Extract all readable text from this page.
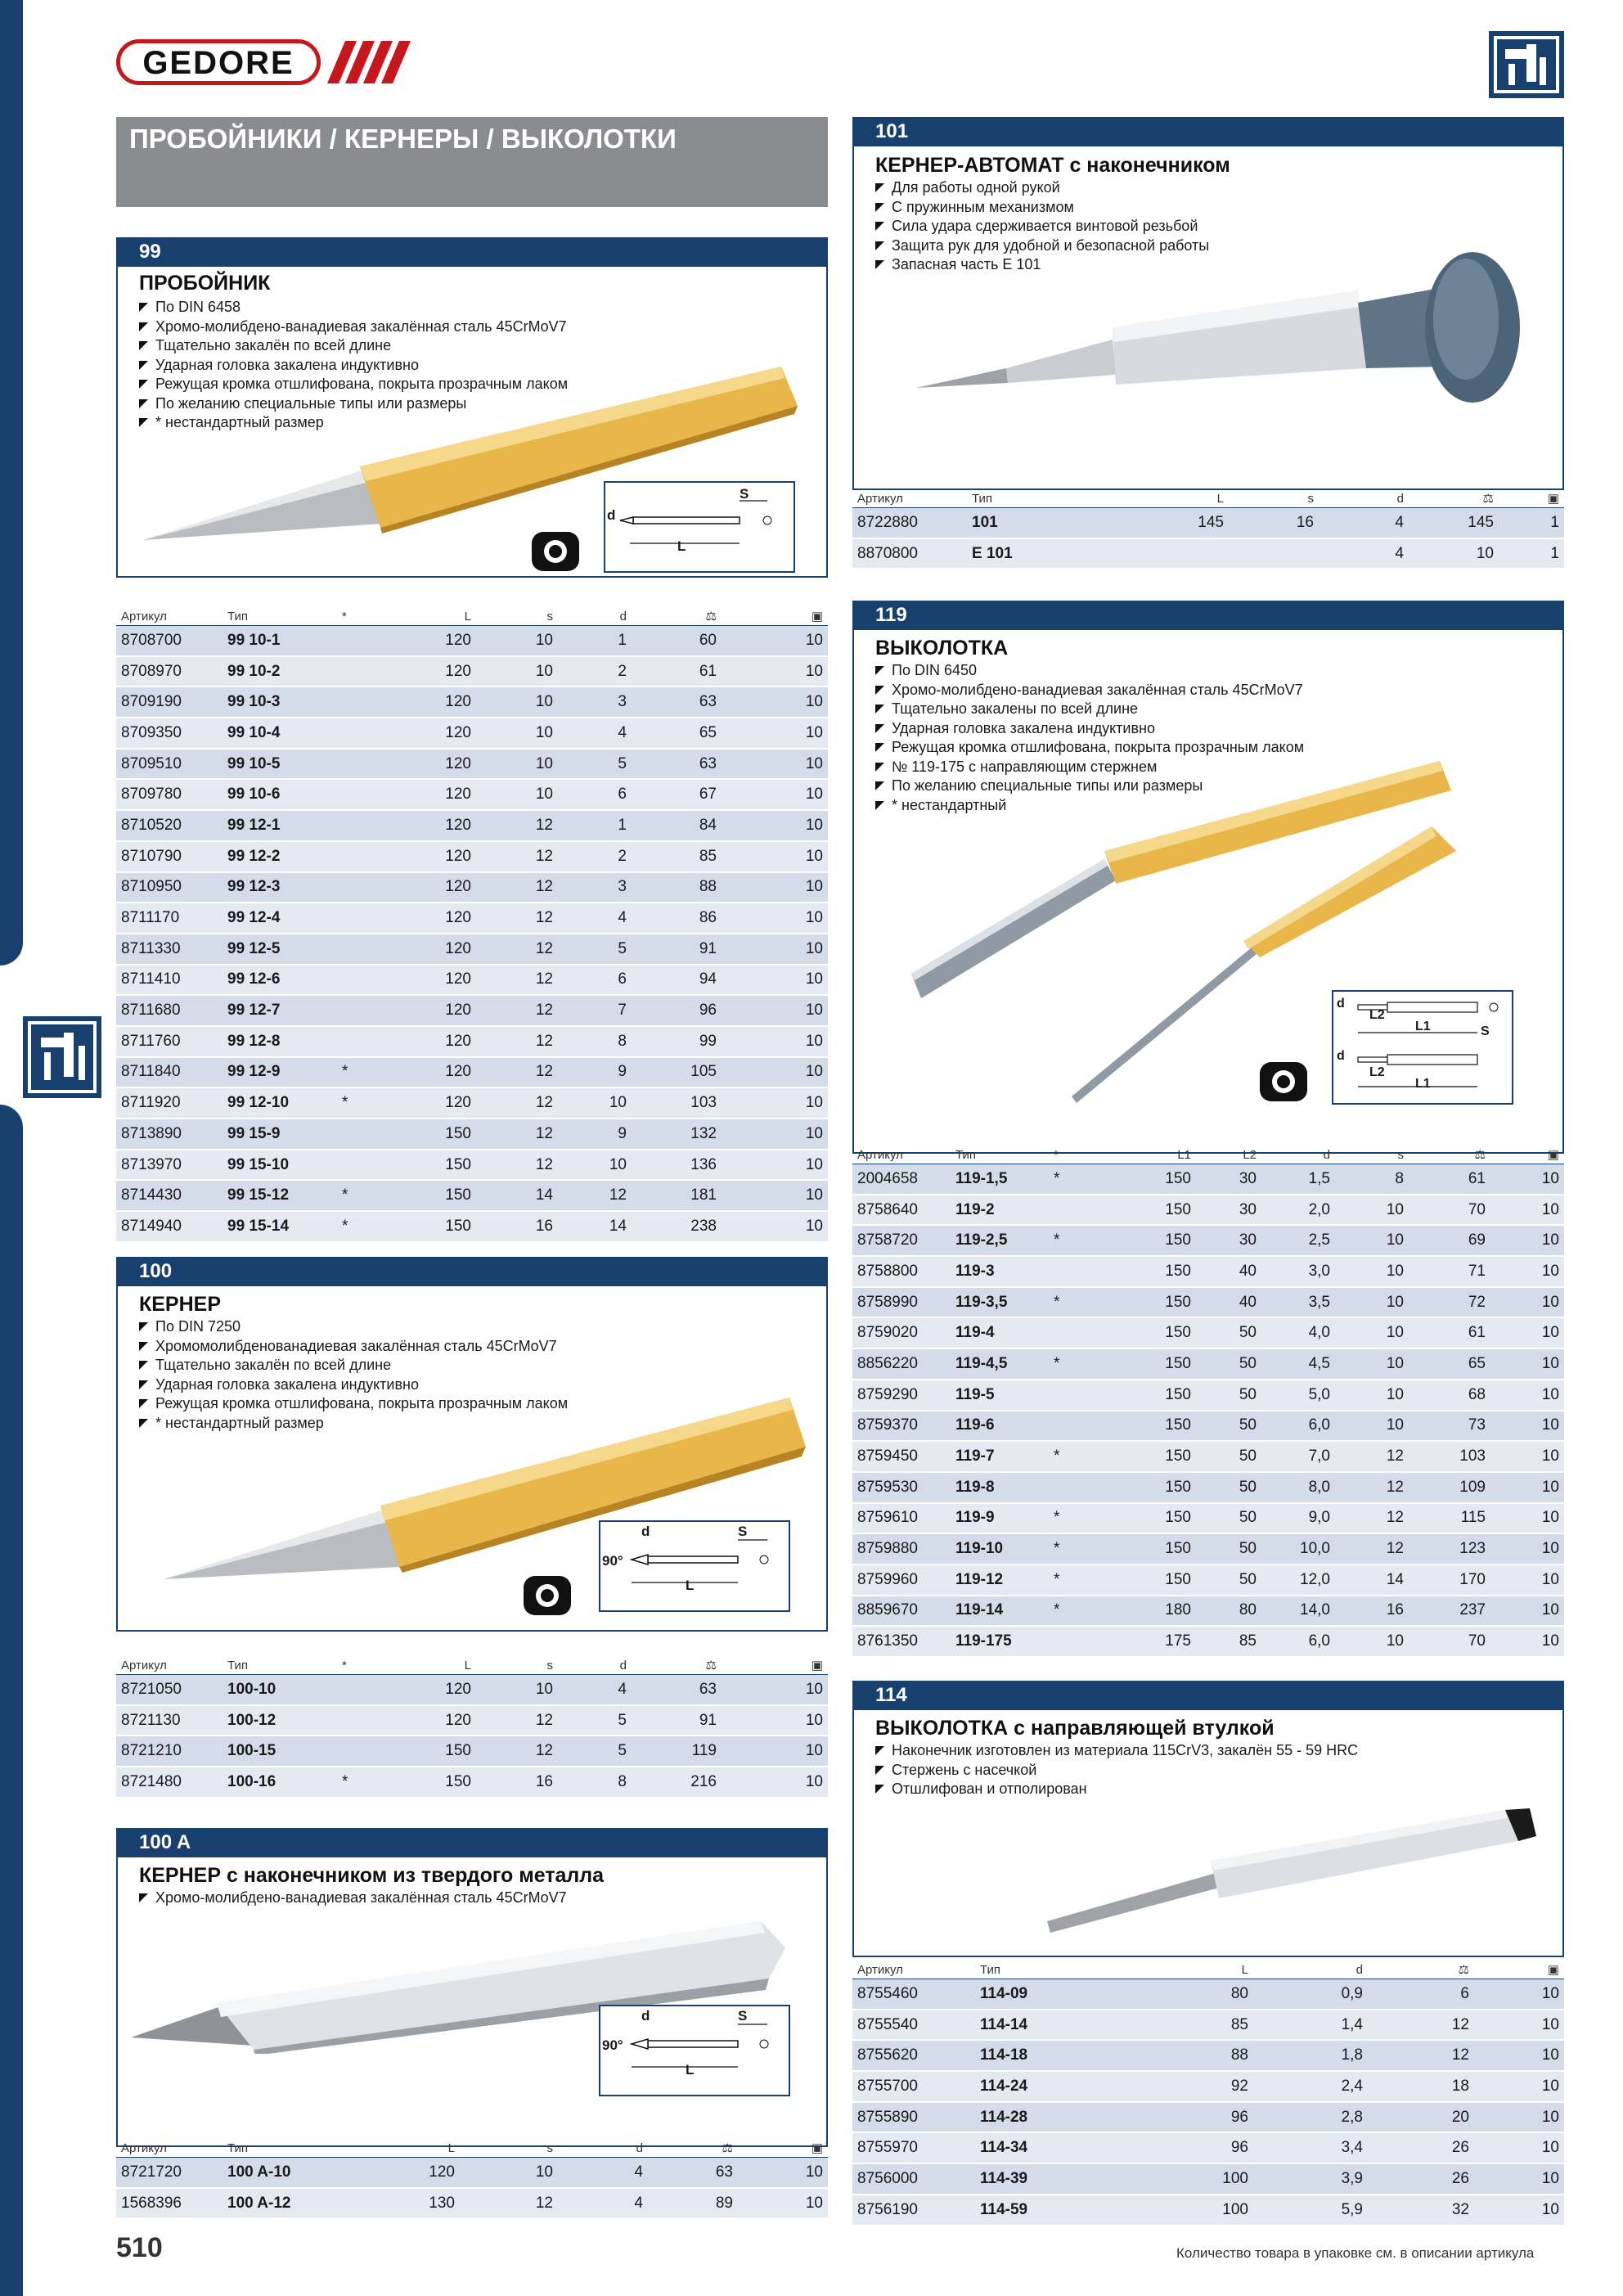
GEDORE
ПРОБОЙНИКИ / КЕРНЕРЫ / ВЫКОЛОТКИ
99
ПРОБОЙНИК
По DIN 6458
Хромо-молибдено-ванадиевая закалённая сталь 45CrMoV7
Тщательно закалён по всей длине
Ударная головка закалена индуктивно
Режущая кромка отшлифована, покрыта прозрачным лаком
По желанию специальные типы или размеры
* нестандартный размер
d
S
L
Артикул	Тип	*	L	s	d	⚖	▣
8708700	99 10-1		120	10	1	60	10
8708970	99 10-2		120	10	2	61	10
8709190	99 10-3		120	10	3	63	10
8709350	99 10-4		120	10	4	65	10
8709510	99 10-5		120	10	5	63	10
8709780	99 10-6		120	10	6	67	10
8710520	99 12-1		120	12	1	84	10
8710790	99 12-2		120	12	2	85	10
8710950	99 12-3		120	12	3	88	10
8711170	99 12-4		120	12	4	86	10
8711330	99 12-5		120	12	5	91	10
8711410	99 12-6		120	12	6	94	10
8711680	99 12-7		120	12	7	96	10
8711760	99 12-8		120	12	8	99	10
8711840	99 12-9	*	120	12	9	105	10
8711920	99 12-10	*	120	12	10	103	10
8713890	99 15-9		150	12	9	132	10
8713970	99 15-10		150	12	10	136	10
8714430	99 15-12	*	150	14	12	181	10
8714940	99 15-14	*	150	16	14	238	10
100
КЕРНЕР
По DIN 7250
Хромомолибденованадиевая закалённая сталь 45CrMoV7
Тщательно закалён по всей длине
Ударная головка закалена индуктивно
Режущая кромка отшлифована, покрыта прозрачным лаком
* нестандартный размер
90°
d	S
L
Артикул	Тип	*	L	s	d	⚖	▣
8721050	100-10		120	10	4	63	10
8721130	100-12		120	12	5	91	10
8721210	100-15		150	12	5	119	10
8721480	100-16	*	150	16	8	216	10
100 A
КЕРНЕР с наконечником из твердого металла
Хромо-молибдено-ванадиевая закалённая сталь 45CrMoV7
90°
d	S
L
Артикул	Тип	L	s	d	⚖	▣
8721720	100 A-10	120	10	4	63	10
1568396	100 A-12	130	12	4	89	10
101
КЕРНЕР-АВТОМАТ с наконечником
Для работы одной рукой
С пружинным механизмом
Сила удара сдерживается винтовой резьбой
Защита рук для удобной и безопасной работы
Запасная часть Е 101
Артикул	Тип	L	s	d	⚖	▣
8722880	101	145	16	4	145	1
8870800	E 101			4	10	1
119
ВЫКОЛОТКА
По DIN 6450
Хромо-молибдено-ванадиевая закалённая сталь 45CrMoV7
Тщательно закалены по всей длине
Ударная головка закалена индуктивно
Режущая кромка отшлифована, покрыта прозрачным лаком
№ 119-175 с направляющим стержнем
По желанию специальные типы или размеры
* нестандартный
d
L2
L1	S
d
L2
L1
Артикул	Тип	*	L1	L2	d	s	⚖	▣
2004658	119-1,5	*	150	30	1,5	8	61	10
8758640	119-2		150	30	2,0	10	70	10
8758720	119-2,5	*	150	30	2,5	10	69	10
8758800	119-3		150	40	3,0	10	71	10
8758990	119-3,5	*	150	40	3,5	10	72	10
8759020	119-4		150	50	4,0	10	61	10
8856220	119-4,5	*	150	50	4,5	10	65	10
8759290	119-5		150	50	5,0	10	68	10
8759370	119-6		150	50	6,0	10	73	10
8759450	119-7	*	150	50	7,0	12	103	10
8759530	119-8		150	50	8,0	12	109	10
8759610	119-9	*	150	50	9,0	12	115	10
8759880	119-10	*	150	50	10,0	12	123	10
8759960	119-12	*	150	50	12,0	14	170	10
8859670	119-14	*	180	80	14,0	16	237	10
8761350	119-175		175	85	6,0	10	70	10
114
ВЫКОЛОТКА с направляющей втулкой
Наконечник изготовлен из материала 115CrV3, закалён 55 - 59 HRC
Стержень с насечкой
Отшлифован и отполирован
Артикул	Тип	L	d	⚖	▣
8755460	114-09	80	0,9	6	10
8755540	114-14	85	1,4	12	10
8755620	114-18	88	1,8	12	10
8755700	114-24	92	2,4	18	10
8755890	114-28	96	2,8	20	10
8755970	114-34	96	3,4	26	10
8756000	114-39	100	3,9	26	10
8756190	114-59	100	5,9	32	10
510	Количество товара в упаковке см. в описании артикула
